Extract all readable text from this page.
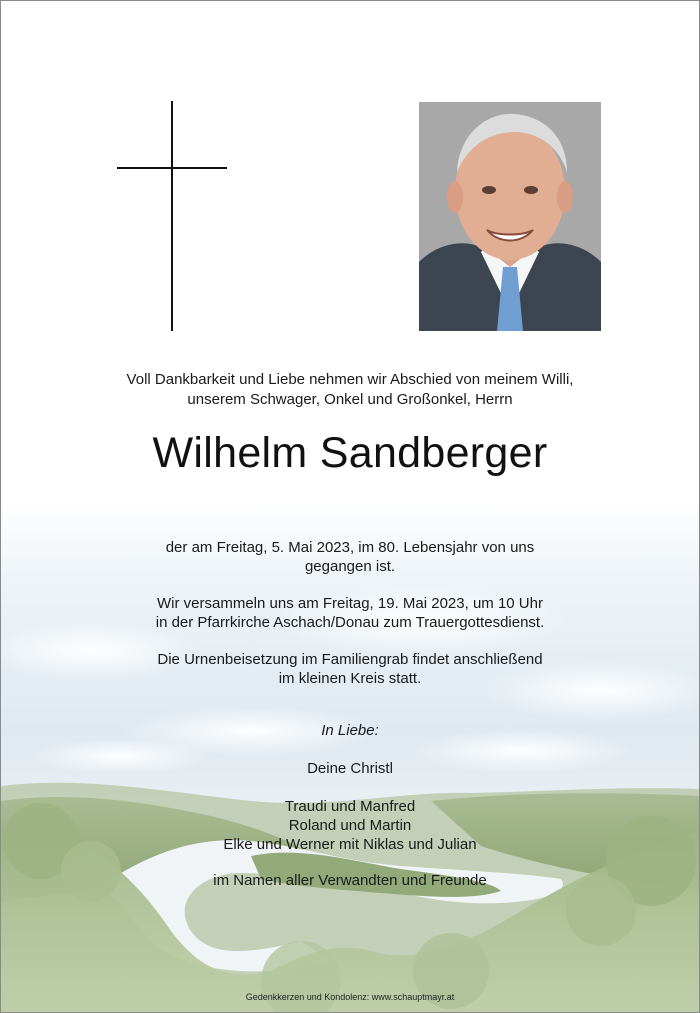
Voll Dankbarkeit und Liebe nehmen wir Abschied von meinem Willi,
unserem Schwager, Onkel und Großonkel, Herrn
Wilhelm Sandberger
der am Freitag, 5. Mai 2023, im 80. Lebensjahr von uns
gegangen ist.
Wir versammeln uns am Freitag, 19. Mai 2023, um 10 Uhr
in der Pfarrkirche Aschach/Donau zum Trauergottesdienst.
Die Urnenbeisetzung im Familiengrab findet anschließend
im kleinen Kreis statt.
In Liebe:
Deine Christl
Traudi und Manfred
Roland und Martin
Elke und Werner mit Niklas und Julian
im Namen aller Verwandten und Freunde
Gedenkkerzen und Kondolenz: www.schauptmayr.at
